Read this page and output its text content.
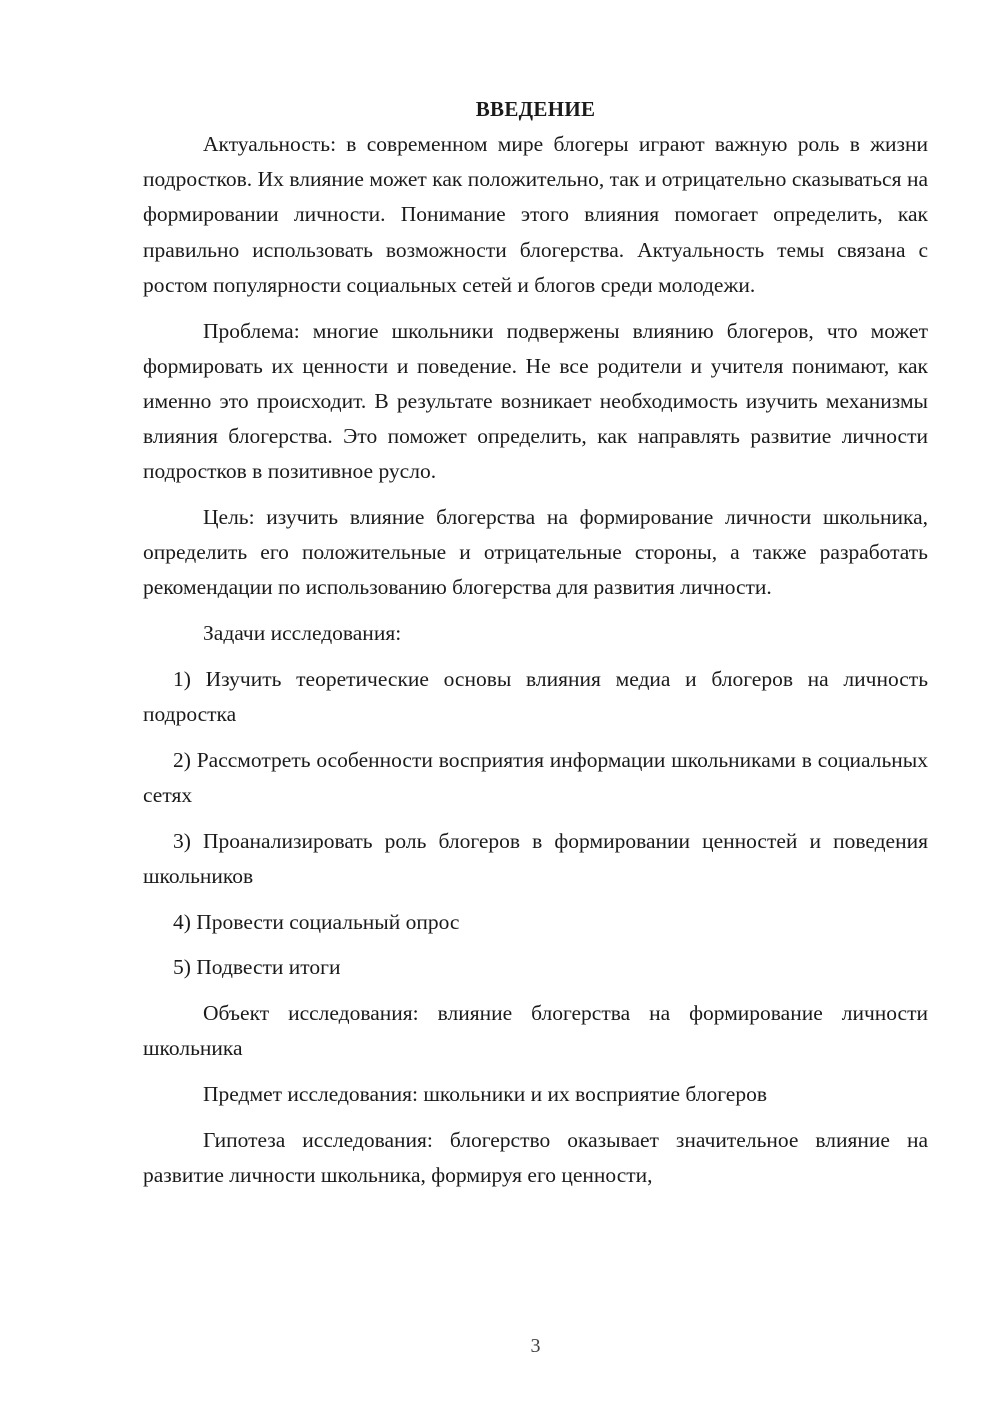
ВВЕДЕНИЕ

Актуальность: в современном мире блогеры играют важную роль в жизни подростков. Их влияние может как положительно, так и отрицательно сказываться на формировании личности. Понимание этого влияния помогает определить, как правильно использовать возможности блогерства. Актуальность темы связана с ростом популярности социальных сетей и блогов среди молодежи.

Проблема: многие школьники подвержены влиянию блогеров, что может формировать их ценности и поведение. Не все родители и учителя понимают, как именно это происходит. В результате возникает необходимость изучить механизмы влияния блогерства. Это поможет определить, как направлять развитие личности подростков в позитивное русло.

Цель: изучить влияние блогерства на формирование личности школьника, определить его положительные и отрицательные стороны, а также разработать рекомендации по использованию блогерства для развития личности.

Задачи исследования:

1) Изучить теоретические основы влияния медиа и блогеров на личность подростка

2) Рассмотреть особенности восприятия информации школьниками в социальных сетях

3) Проанализировать роль блогеров в формировании ценностей и поведения школьников

4) Провести социальный опрос

5) Подвести итоги

Объект исследования: влияние блогерства на формирование личности школьника

Предмет исследования: школьники и их восприятие блогеров

Гипотеза исследования: блогерство оказывает значительное влияние на развитие личности школьника, формируя его ценности,

3
